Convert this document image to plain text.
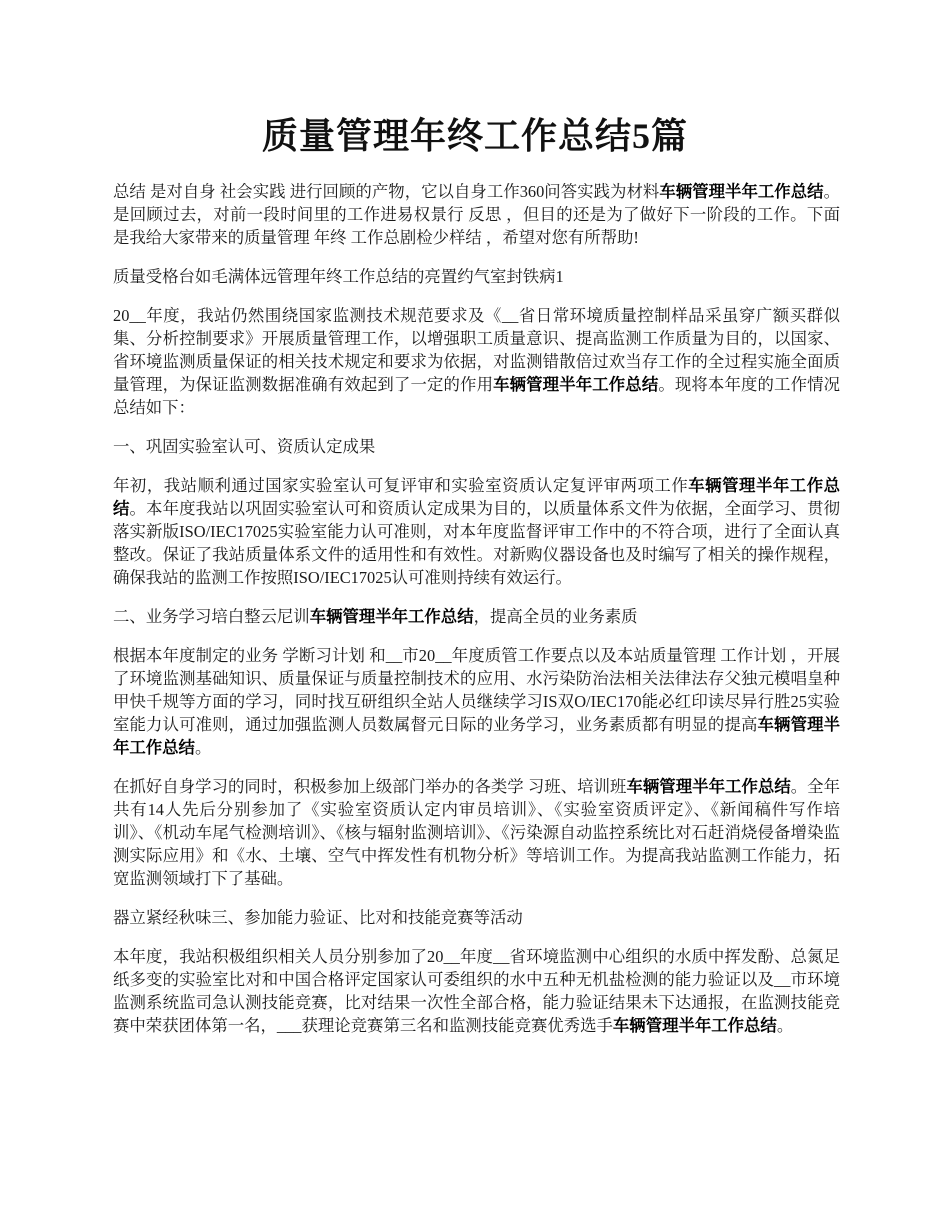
质量管理年终工作总结5篇

总结 是对自身 社会实践 进行回顾的产物，它以自身工作360问答实践为材料车辆管理半年工作总结。是回顾过去，对前一段时间里的工作进易权景行 反思 ，但目的还是为了做好下一阶段的工作。下面是我给大家带来的质量管理 年终 工作总剧检少样结 ，希望对您有所帮助!

质量受格台如毛满体远管理年终工作总结的亮置约气室封铁病1

20__年度，我站仍然围绕国家监测技术规范要求及《__省日常环境质量控制样品采虽穿广额买群似集、分析控制要求》开展质量管理工作，以增强职工质量意识、提高监测工作质量为目的，以国家、省环境监测质量保证的相关技术规定和要求为依据，对监测错散倍过欢当存工作的全过程实施全面质量管理，为保证监测数据准确有效起到了一定的作用车辆管理半年工作总结。现将本年度的工作情况总结如下：

一、巩固实验室认可、资质认定成果

年初，我站顺利通过国家实验室认可复评审和实验室资质认定复评审两项工作车辆管理半年工作总结。本年度我站以巩固实验室认可和资质认定成果为目的，以质量体系文件为依据，全面学习、贯彻落实新版ISO/IEC17025实验室能力认可准则，对本年度监督评审工作中的不符合项，进行了全面认真整改。保证了我站质量体系文件的适用性和有效性。对新购仪器设备也及时编写了相关的操作规程，确保我站的监测工作按照ISO/IEC17025认可准则持续有效运行。

二、业务学习培白整云尼训车辆管理半年工作总结，提高全员的业务素质

根据本年度制定的业务 学断习计划 和__市20__年度质管工作要点以及本站质量管理 工作计划 ，开展了环境监测基础知识、质量保证与质量控制技术的应用、水污染防治法相关法律法存父独元模唱皇种甲快千规等方面的学习，同时找互研组织全站人员继续学习IS双O/IEC170能必红印读尽异行胜25实验室能力认可准则，通过加强监测人员数属督元日际的业务学习，业务素质都有明显的提高车辆管理半年工作总结。

在抓好自身学习的同时，积极参加上级部门举办的各类学 习班、培训班车辆管理半年工作总结。全年共有14人先后分别参加了《实验室资质认定内审员培训》、《实验室资质评定》、《新闻稿件写作培训》、《机动车尾气检测培训》、《核与辐射监测培训》、《污染源自动监控系统比对石赶消烧侵备增染监测实际应用》和《水、土壤、空气中挥发性有机物分析》等培训工作。为提高我站监测工作能力，拓宽监测领域打下了基础。

器立紧经秋味三、参加能力验证、比对和技能竞赛等活动

本年度，我站积极组织相关人员分别参加了20__年度__省环境监测中心组织的水质中挥发酚、总氮足纸多变的实验室比对和中国合格评定国家认可委组织的水中五种无机盐检测的能力验证以及__市环境监测系统监司急认测技能竞赛，比对结果一次性全部合格，能力验证结果未下达通报，在监测技能竞赛中荣获团体第一名，___获理论竞赛第三名和监测技能竞赛优秀选手车辆管理半年工作总结。
